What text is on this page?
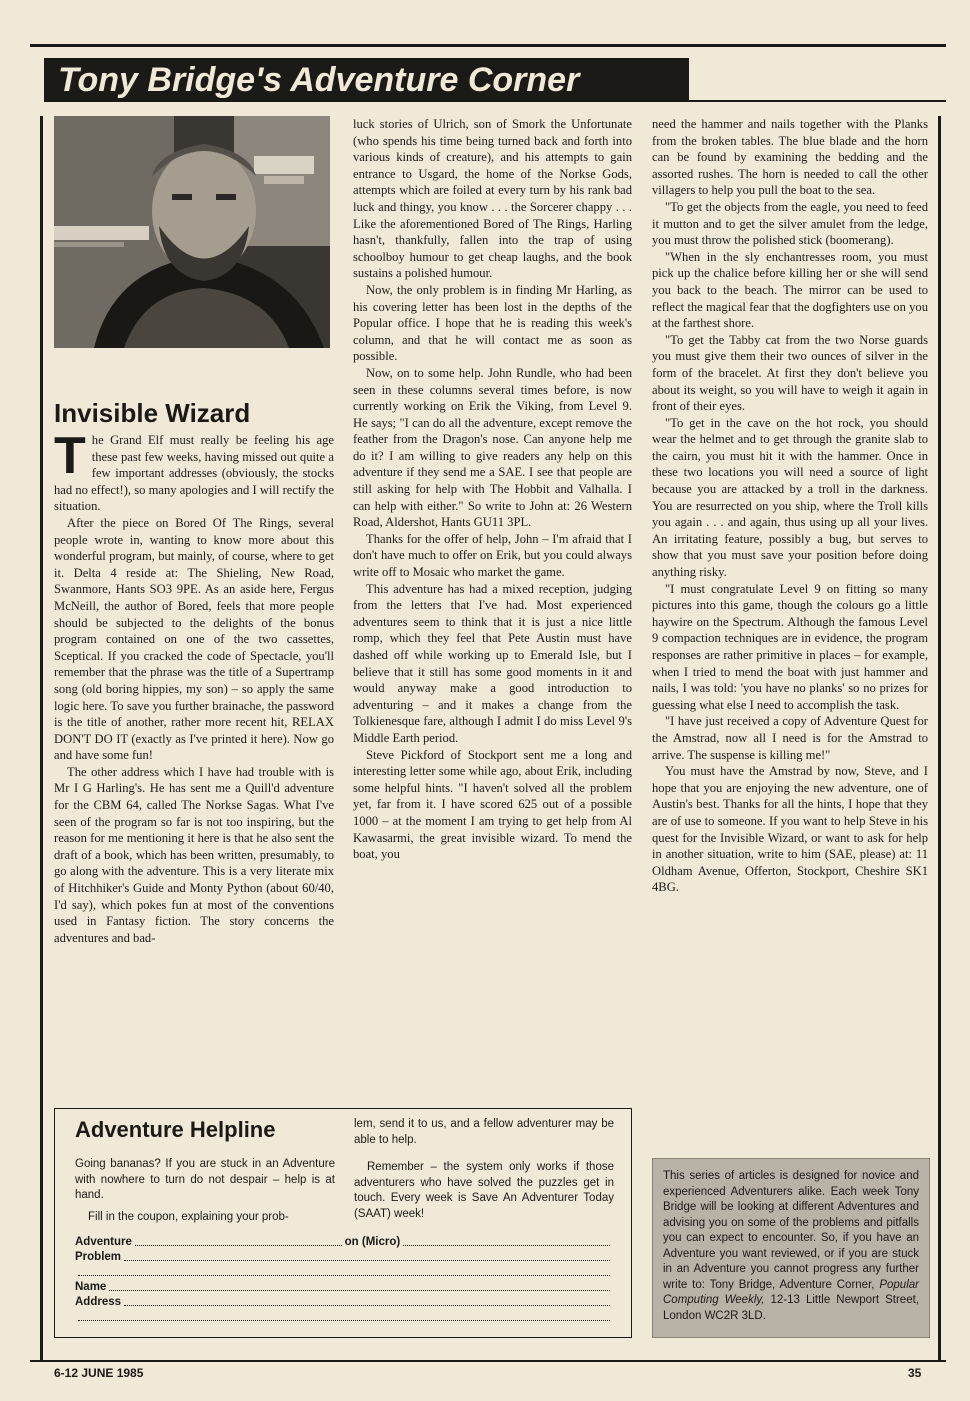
Tony Bridge's Adventure Corner
Invisible Wizard

The Grand Elf must really be feeling his age these past few weeks, having missed out quite a few important addresses (obviously, the stocks had no effect!), so many apologies and I will rectify the situation.

After the piece on Bored Of The Rings, several people wrote in, wanting to know more about this wonderful program, but mainly, of course, where to get it. Delta 4 reside at: The Shieling, New Road, Swanmore, Hants SO3 9PE. As an aside here, Fergus McNeill, the author of Bored, feels that more people should be subjected to the delights of the bonus program contained on one of the two cassettes, Sceptical. If you cracked the code of Spectacle, you'll remember that the phrase was the title of a Supertramp song (old boring hippies, my son) – so apply the same logic here. To save you further brainache, the password is the title of another, rather more recent hit, RELAX DON'T DO IT (exactly as I've printed it here). Now go and have some fun!

The other address which I have had trouble with is Mr I G Harling's. He has sent me a Quill'd adventure for the CBM 64, called The Norkse Sagas. What I've seen of the program so far is not too inspiring, but the reason for me mentioning it here is that he also sent the draft of a book, which has been written, presumably, to go along with the adventure. This is a very literate mix of Hitchhiker's Guide and Monty Python (about 60/40, I'd say), which pokes fun at most of the conventions used in Fantasy fiction. The story concerns the adventures and bad-

luck stories of Ulrich, son of Smork the Unfortunate (who spends his time being turned back and forth into various kinds of creature), and his attempts to gain entrance to Usgard, the home of the Norkse Gods, attempts which are foiled at every turn by his rank bad luck and thingy, you know . . . the Sorcerer chappy . . . Like the aforementioned Bored of The Rings, Harling hasn't, thankfully, fallen into the trap of using schoolboy humour to get cheap laughs, and the book sustains a polished humour.

Now, the only problem is in finding Mr Harling, as his covering letter has been lost in the depths of the Popular office. I hope that he is reading this week's column, and that he will contact me as soon as possible.

Now, on to some help. John Rundle, who had been seen in these columns several times before, is now currently working on Erik the Viking, from Level 9. He says; "I can do all the adventure, except remove the feather from the Dragon's nose. Can anyone help me do it? I am willing to give readers any help on this adventure if they send me a SAE. I see that people are still asking for help with The Hobbit and Valhalla. I can help with either." So write to John at: 26 Western Road, Aldershot, Hants GU11 3PL.

Thanks for the offer of help, John – I'm afraid that I don't have much to offer on Erik, but you could always write off to Mosaic who market the game.

This adventure has had a mixed reception, judging from the letters that I've had. Most experienced adventures seem to think that it is just a nice little romp, which they feel that Pete Austin must have dashed off while working up to Emerald Isle, but I believe that it still has some good moments in it and would anyway make a good introduction to adventuring – and it makes a change from the Tolkienesque fare, although I admit I do miss Level 9's Middle Earth period.

Steve Pickford of Stockport sent me a long and interesting letter some while ago, about Erik, including some helpful hints. "I haven't solved all the problem yet, far from it. I have scored 625 out of a possible 1000 – at the moment I am trying to get help from Al Kawasarmi, the great invisible wizard. To mend the boat, you

need the hammer and nails together with the Planks from the broken tables. The blue blade and the horn can be found by examining the bedding and the assorted rushes. The horn is needed to call the other villagers to help you pull the boat to the sea.

"To get the objects from the eagle, you need to feed it mutton and to get the silver amulet from the ledge, you must throw the polished stick (boomerang).

"When in the sly enchantresses room, you must pick up the chalice before killing her or she will send you back to the beach. The mirror can be used to reflect the magical fear that the dogfighters use on you at the farthest shore.

"To get the Tabby cat from the two Norse guards you must give them their two ounces of silver in the form of the bracelet. At first they don't believe you about its weight, so you will have to weigh it again in front of their eyes.

"To get in the cave on the hot rock, you should wear the helmet and to get through the granite slab to the cairn, you must hit it with the hammer. Once in these two locations you will need a source of light because you are attacked by a troll in the darkness. You are resurrected on you ship, where the Troll kills you again . . . and again, thus using up all your lives. An irritating feature, possibly a bug, but serves to show that you must save your position before doing anything risky.

"I must congratulate Level 9 on fitting so many pictures into this game, though the colours go a little haywire on the Spectrum. Although the famous Level 9 compaction techniques are in evidence, the program responses are rather primitive in places – for example, when I tried to mend the boat with just hammer and nails, I was told: 'you have no planks' so no prizes for guessing what else I need to accomplish the task.

"I have just received a copy of Adventure Quest for the Amstrad, now all I need is for the Amstrad to arrive. The suspense is killing me!"

You must have the Amstrad by now, Steve, and I hope that you are enjoying the new adventure, one of Austin's best. Thanks for all the hints, I hope that they are of use to someone. If you want to help Steve in his quest for the Invisible Wizard, or want to ask for help in another situation, write to him (SAE, please) at: 11 Oldham Avenue, Offerton, Stockport, Cheshire SK1 4BG.

Adventure Helpline

Going bananas? If you are stuck in an Adventure with nowhere to turn do not despair – help is at hand.

Fill in the coupon, explaining your prob-

lem, send it to us, and a fellow adventurer may be able to help.

Remember – the system only works if those adventurers who have solved the puzzles get in touch. Every week is Save An Adventurer Today (SAAT) week!

Adventure	on (Micro)
Problem
Name
Address
This series of articles is designed for novice and experienced Adventurers alike. Each week Tony Bridge will be looking at different Adventures and advising you on some of the problems and pitfalls you can expect to encounter. So, if you have an Adventure you want reviewed, or if you are stuck in an Adventure you cannot progress any further write to: Tony Bridge, Adventure Corner, Popular Computing Weekly, 12-13 Little Newport Street, London WC2R 3LD.
6-12 JUNE 1985	35
